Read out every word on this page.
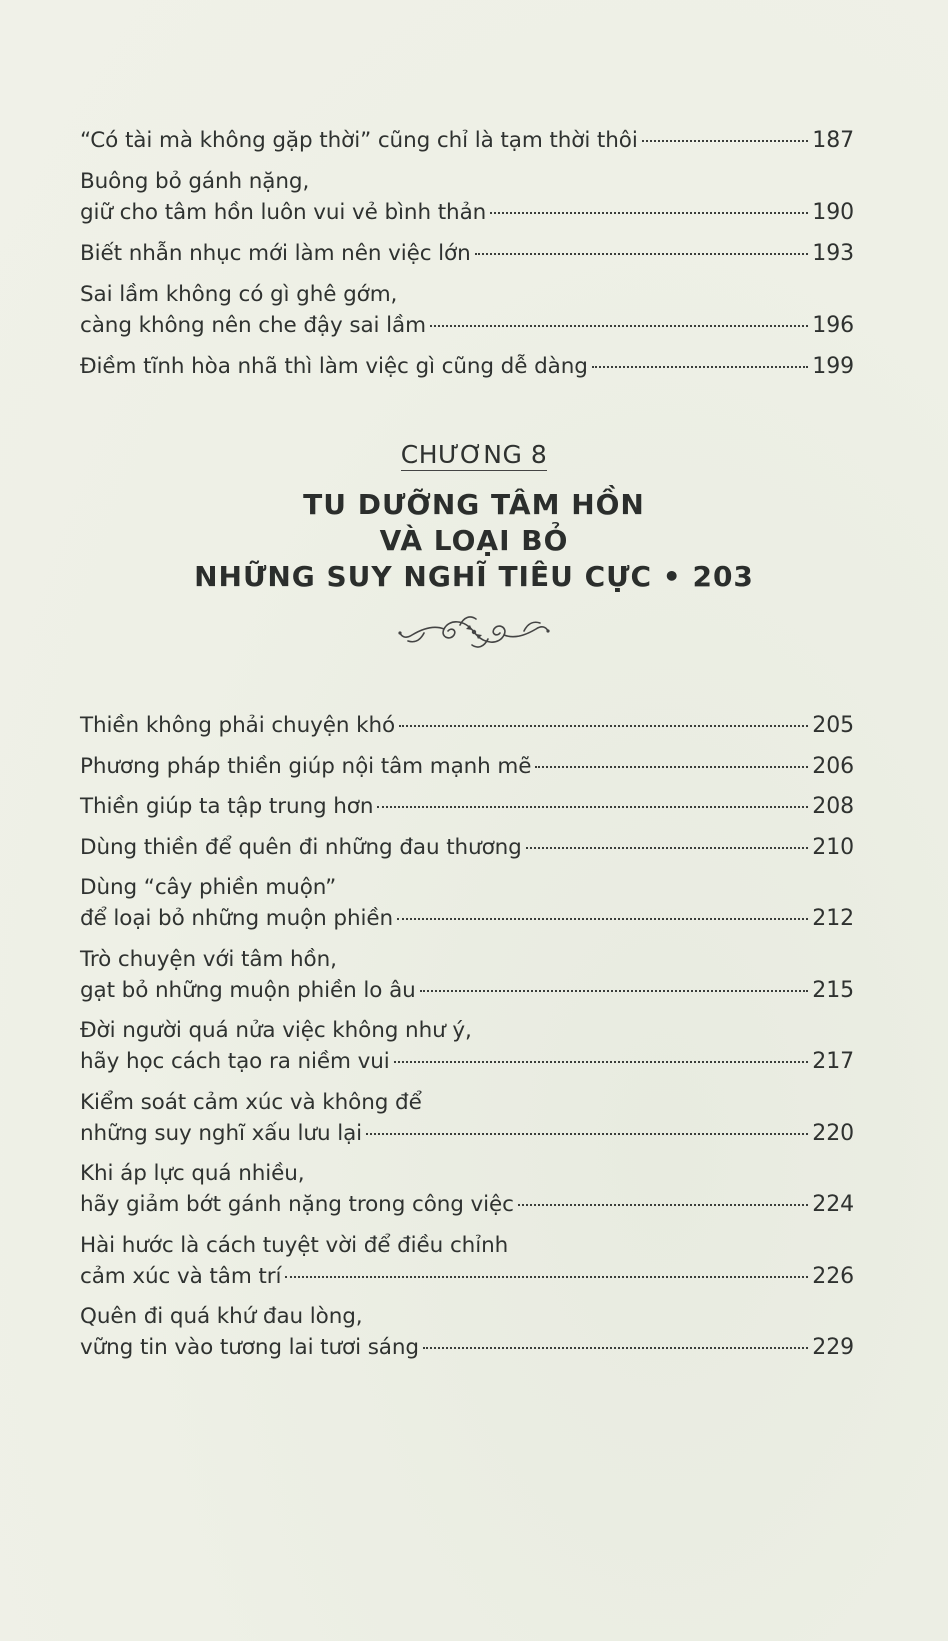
“Có tài mà không gặp thời” cũng chỉ là tạm thời thôi	187
Buông bỏ gánh nặng,
giữ cho tâm hồn luôn vui vẻ bình thản	190
Biết nhẫn nhục mới làm nên việc lớn	193
Sai lầm không có gì ghê gớm,
càng không nên che đậy sai lầm	196
Điềm tĩnh hòa nhã thì làm việc gì cũng dễ dàng	199
CHƯƠNG 8
TU DƯỠNG TÂM HỒN
VÀ LOẠI BỎ
NHỮNG SUY NGHĨ TIÊU CỰC • 203
Thiền không phải chuyện khó	205
Phương pháp thiền giúp nội tâm mạnh mẽ	206
Thiền giúp ta tập trung hơn	208
Dùng thiền để quên đi những đau thương	210
Dùng “cây phiền muộn”
để loại bỏ những muộn phiền	212
Trò chuyện với tâm hồn,
gạt bỏ những muộn phiền lo âu	215
Đời người quá nửa việc không như ý,
hãy học cách tạo ra niềm vui	217
Kiểm soát cảm xúc và không để
những suy nghĩ xấu lưu lại	220
Khi áp lực quá nhiều,
hãy giảm bớt gánh nặng trong công việc	224
Hài hước là cách tuyệt vời để điều chỉnh
cảm xúc và tâm trí	226
Quên đi quá khứ đau lòng,
vững tin vào tương lai tươi sáng	229
